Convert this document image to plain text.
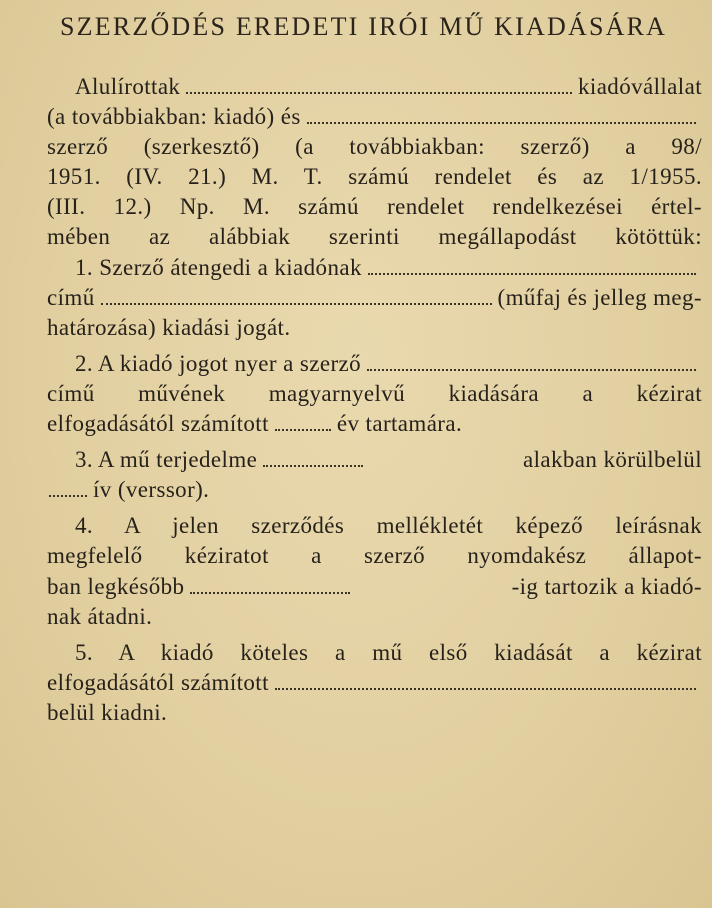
SZERZŐDÉS EREDETI IRÓI MŰ KIADÁSÁRA
Alulírottak	kiadóvállalat
(a továbbiakban: kiadó) és
szerző (szerkesztő) (a továbbiakban: szerző) a 98/
1951. (IV. 21.) M. T. számú rendelet és az 1/1955.
(III. 12.) Np. M. számú rendelet rendelkezései értel-
mében az alábbiak szerinti megállapodást kötöttük:
1. Szerző átengedi a kiadónak
című	(műfaj és jelleg meg-
határozása) kiadási jogát.
2. A kiadó jogot nyer a szerző
című művének magyarnyelvű kiadására a kézirat
elfogadásától számított	év tartamára.
3. A mű terjedelme	alakban körülbelül
ív (verssor).
4. A jelen szerződés mellékletét képező leírásnak
megfelelő kéziratot a szerző nyomdakész állapot-
ban legkésőbb	-ig tartozik a kiadó-
nak átadni.
5. A kiadó köteles a mű első kiadását a kézirat
elfogadásától számított
belül kiadni.
